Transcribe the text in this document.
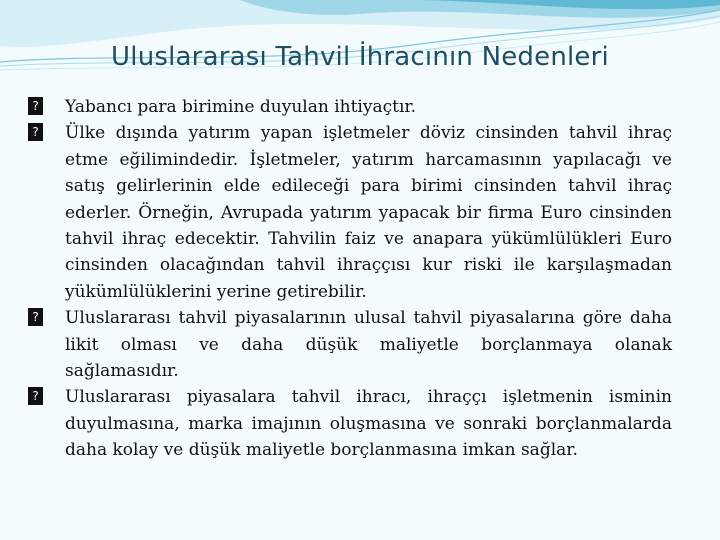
Uluslararası Tahvil İhracının Nedenleri
? Yabancı para birimine duyulan ihtiyaçtır.
? Ülke dışında yatırım yapan işletmeler döviz cinsinden tahvil ihraç etme eğilimindedir. İşletmeler, yatırım harcamasının yapılacağı ve satış gelirlerinin elde edileceği para birimi cinsinden tahvil ihraç ederler. Örneğin, Avrupada yatırım yapacak bir firma Euro cinsinden tahvil ihraç edecektir. Tahvilin faiz ve anapara yükümlülükleri Euro cinsinden olacağından tahvil ihraççısı kur riski ile karşılaşmadan yükümlülüklerini yerine getirebilir.
? Uluslararası tahvil piyasalarının ulusal tahvil piyasalarına göre daha likit olması ve daha düşük maliyetle borçlanmaya olanak sağlamasıdır.
? Uluslararası piyasalara tahvil ihracı, ihraççı işletmenin isminin duyulmasına, marka imajının oluşmasına ve sonraki borçlanmalarda daha kolay ve düşük maliyetle borçlanmasına imkan sağlar.
